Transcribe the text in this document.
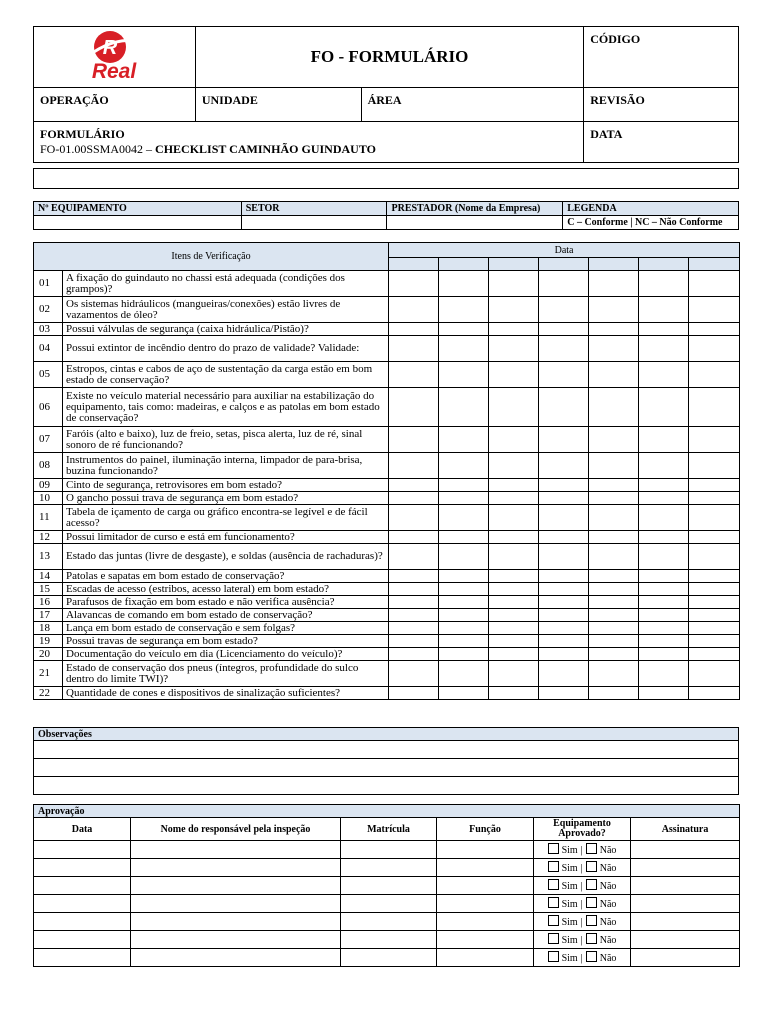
R
Real	FO - FORMULÁRIO		CÓDIGO
OPERAÇÃO	UNIDADE	ÁREA	REVISÃO

FORMULÁRIO
FO-01.00SSMA0042 – CHECKLIST CAMINHÃO GUINDAUTO			DATA
Nº EQUIPAMENTO	SETOR	PRESTADOR (Nome da Empresa)	LEGENDA
			C – Conforme | NC – Não Conforme
Itens de Verificação		Data						

01	A fixação do guindauto no chassi está adequada (condições dos grampos)?							
02	Os sistemas hidráulicos (mangueiras/conexões) estão livres de vazamentos de óleo?							
03	Possui válvulas de segurança (caixa hidráulica/Pistão)?							
04	Possui extintor de incêndio dentro do prazo de validade? Validade:							
05	Estropos, cintas e cabos de aço de sustentação da carga estão em bom estado de conservação?							
06	Existe no veículo material necessário para auxiliar na estabilização do equipamento, tais como: madeiras, e calços e as patolas em bom estado de conservação?							
07	Faróis (alto e baixo), luz de freio, setas, pisca alerta, luz de ré, sinal sonoro de ré funcionando?							
08	Instrumentos do painel, iluminação interna, limpador de para-brisa, buzina funcionando?							
09	Cinto de segurança, retrovisores em bom estado?							
10	O gancho possui trava de segurança em bom estado?							
11	Tabela de içamento de carga ou gráfico encontra-se legível e de fácil acesso?							
12	Possui limitador de curso e está em funcionamento?							
13	Estado das juntas (livre de desgaste), e soldas (ausência de rachaduras)?							
14	Patolas e sapatas em bom estado de conservação?							
15	Escadas de acesso (estribos, acesso lateral) em bom estado?							
16	Parafusos de fixação em bom estado e não verifica ausência?							
17	Alavancas de comando em bom estado de conservação?							
18	Lança em bom estado de conservação e sem folgas?							
19	Possui travas de segurança em bom estado?							
20	Documentação do veículo em dia (Licenciamento do veículo)?							
21	Estado de conservação dos pneus (íntegros, profundidade do sulco dentro do limite TWI)?							
22	Quantidade de cones e dispositivos de sinalização suficientes?							
Observações

Aprovação					
Data	Nome do responsável pela inspeção	Matrícula	Função	Equipamento Aprovado?	Assinatura
				Sim | Não	
				Sim | Não	
				Sim | Não	
				Sim | Não	
				Sim | Não	
				Sim | Não	
				Sim | Não	
